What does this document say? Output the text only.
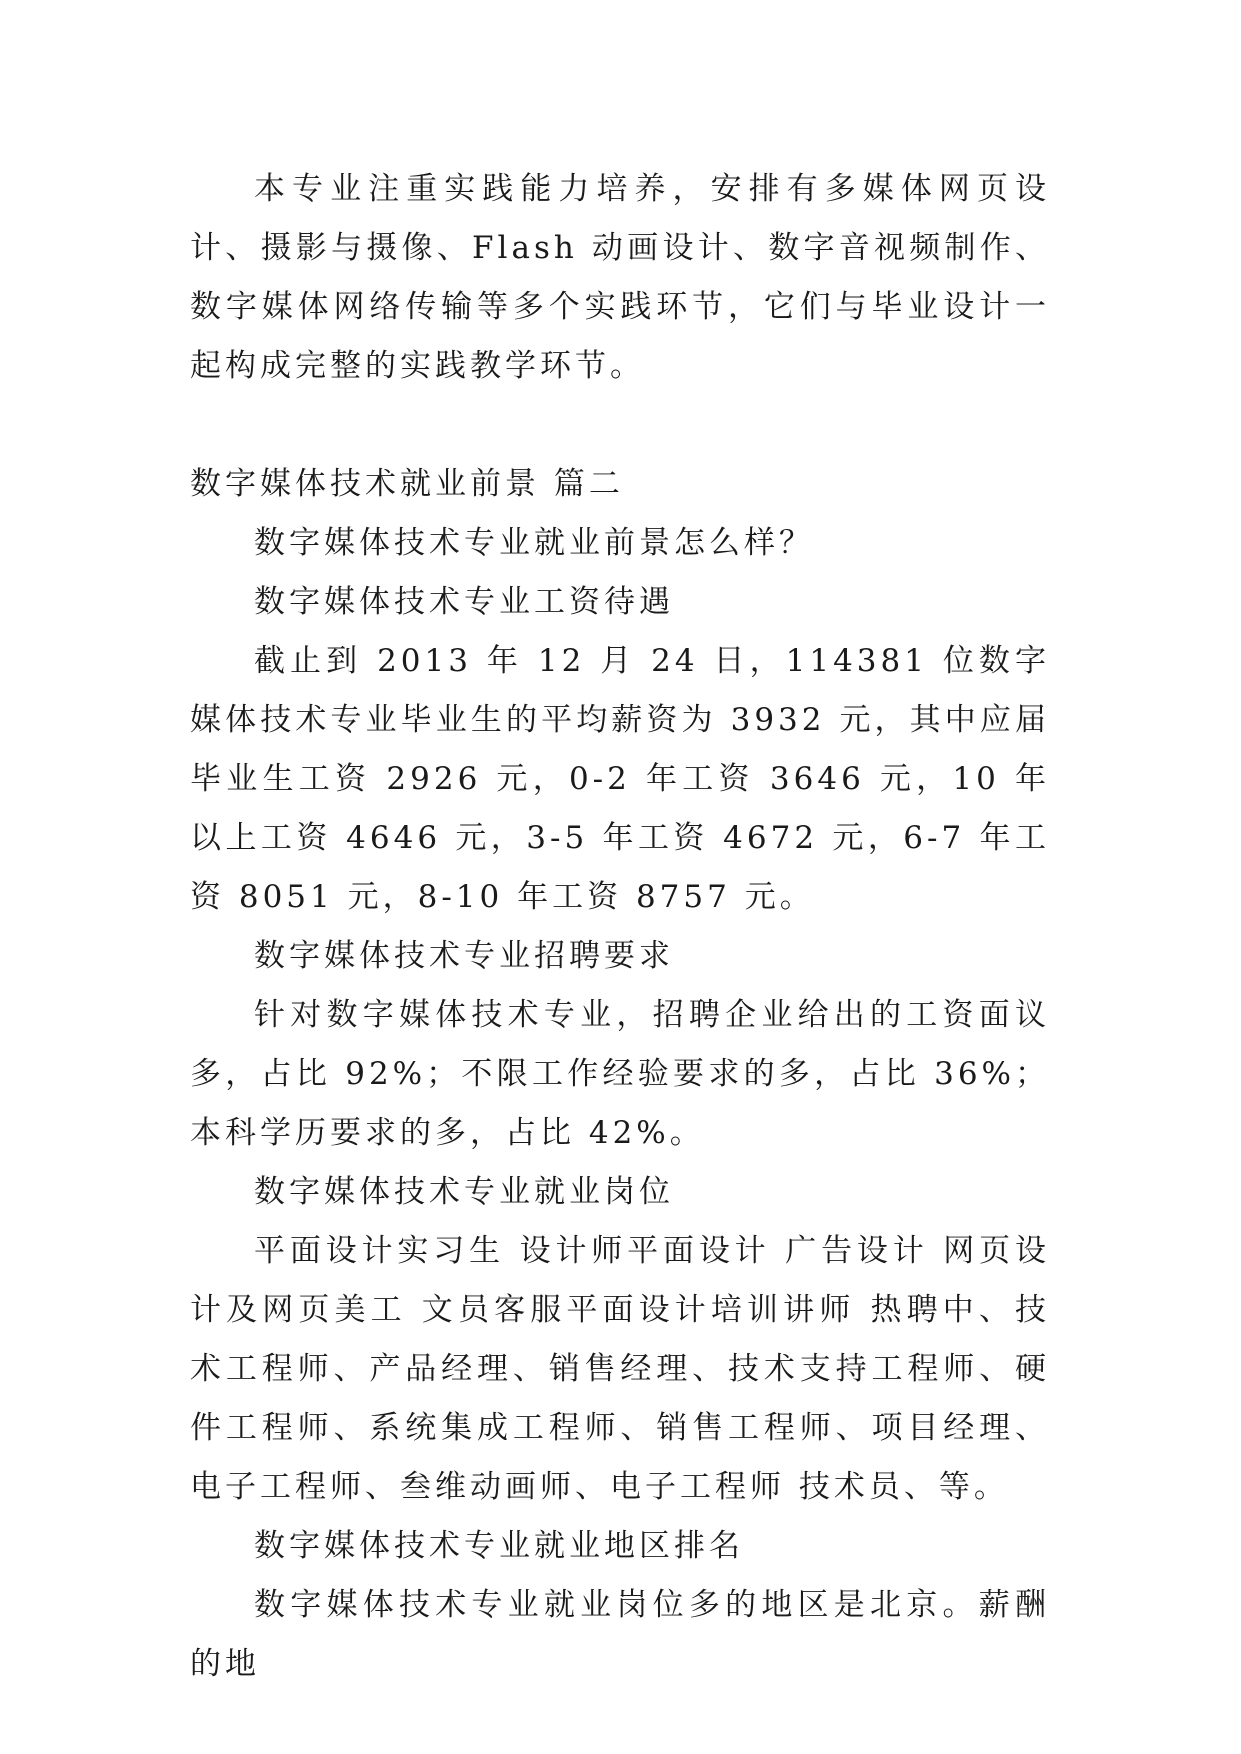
本专业注重实践能力培养，安排有多媒体网页设计、摄影与摄像、Flash 动画设计、数字音视频制作、数字媒体网络传输等多个实践环节，它们与毕业设计一起构成完整的实践教学环节。

数字媒体技术就业前景 篇二

数字媒体技术专业就业前景怎么样？

数字媒体技术专业工资待遇

截止到 2013 年 12 月 24 日，114381 位数字媒体技术专业毕业生的平均薪资为 3932 元，其中应届毕业生工资 2926 元，0-2 年工资 3646 元，10 年以上工资 4646 元，3-5 年工资 4672 元，6-7 年工资 8051 元，8-10 年工资 8757 元。

数字媒体技术专业招聘要求

针对数字媒体技术专业，招聘企业给出的工资面议多，占比 92%；不限工作经验要求的多，占比 36%；本科学历要求的多，占比 42%。

数字媒体技术专业就业岗位

平面设计实习生 设计师平面设计 广告设计 网页设计及网页美工 文员客服平面设计培训讲师 热聘中、技术工程师、产品经理、销售经理、技术支持工程师、硬件工程师、系统集成工程师、销售工程师、项目经理、电子工程师、叁维动画师、电子工程师 技术员、等。

数字媒体技术专业就业地区排名

数字媒体技术专业就业岗位多的地区是北京。薪酬的地
